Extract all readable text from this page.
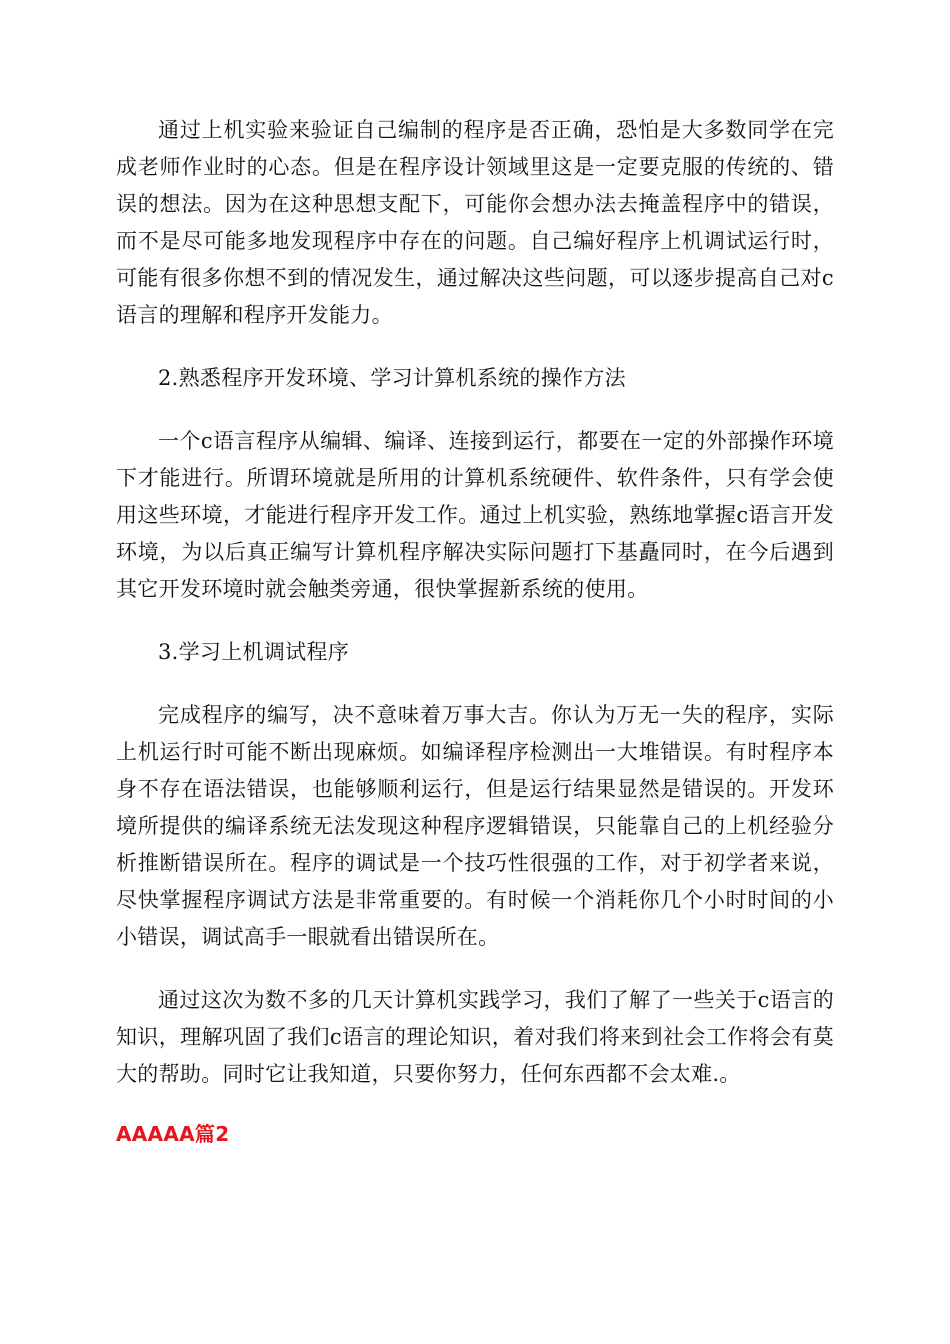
通过上机实验来验证自己编制的程序是否正确，恐怕是大多数同学在完成老师作业时的心态。但是在程序设计领域里这是一定要克服的传统的、错误的想法。因为在这种思想支配下，可能你会想办法去掩盖程序中的错误，而不是尽可能多地发现程序中存在的问题。自己编好程序上机调试运行时，可能有很多你想不到的情况发生，通过解决这些问题，可以逐步提高自己对c语言的理解和程序开发能力。

2.熟悉程序开发环境、学习计算机系统的操作方法

一个c语言程序从编辑、编译、连接到运行，都要在一定的外部操作环境下才能进行。所谓环境就是所用的计算机系统硬件、软件条件，只有学会使用这些环境，才能进行程序开发工作。通过上机实验，熟练地掌握c语言开发环境，为以后真正编写计算机程序解决实际问题打下基矗同时，在今后遇到其它开发环境时就会触类旁通，很快掌握新系统的使用。

3.学习上机调试程序

完成程序的编写，决不意味着万事大吉。你认为万无一失的程序，实际上机运行时可能不断出现麻烦。如编译程序检测出一大堆错误。有时程序本身不存在语法错误，也能够顺利运行，但是运行结果显然是错误的。开发环境所提供的编译系统无法发现这种程序逻辑错误，只能靠自己的上机经验分析推断错误所在。程序的调试是一个技巧性很强的工作，对于初学者来说，尽快掌握程序调试方法是非常重要的。有时候一个消耗你几个小时时间的小小错误，调试高手一眼就看出错误所在。

通过这次为数不多的几天计算机实践学习，我们了解了一些关于c语言的知识，理解巩固了我们c语言的理论知识，着对我们将来到社会工作将会有莫大的帮助。同时它让我知道，只要你努力，任何东西都不会太难.。

AAAAA篇2
